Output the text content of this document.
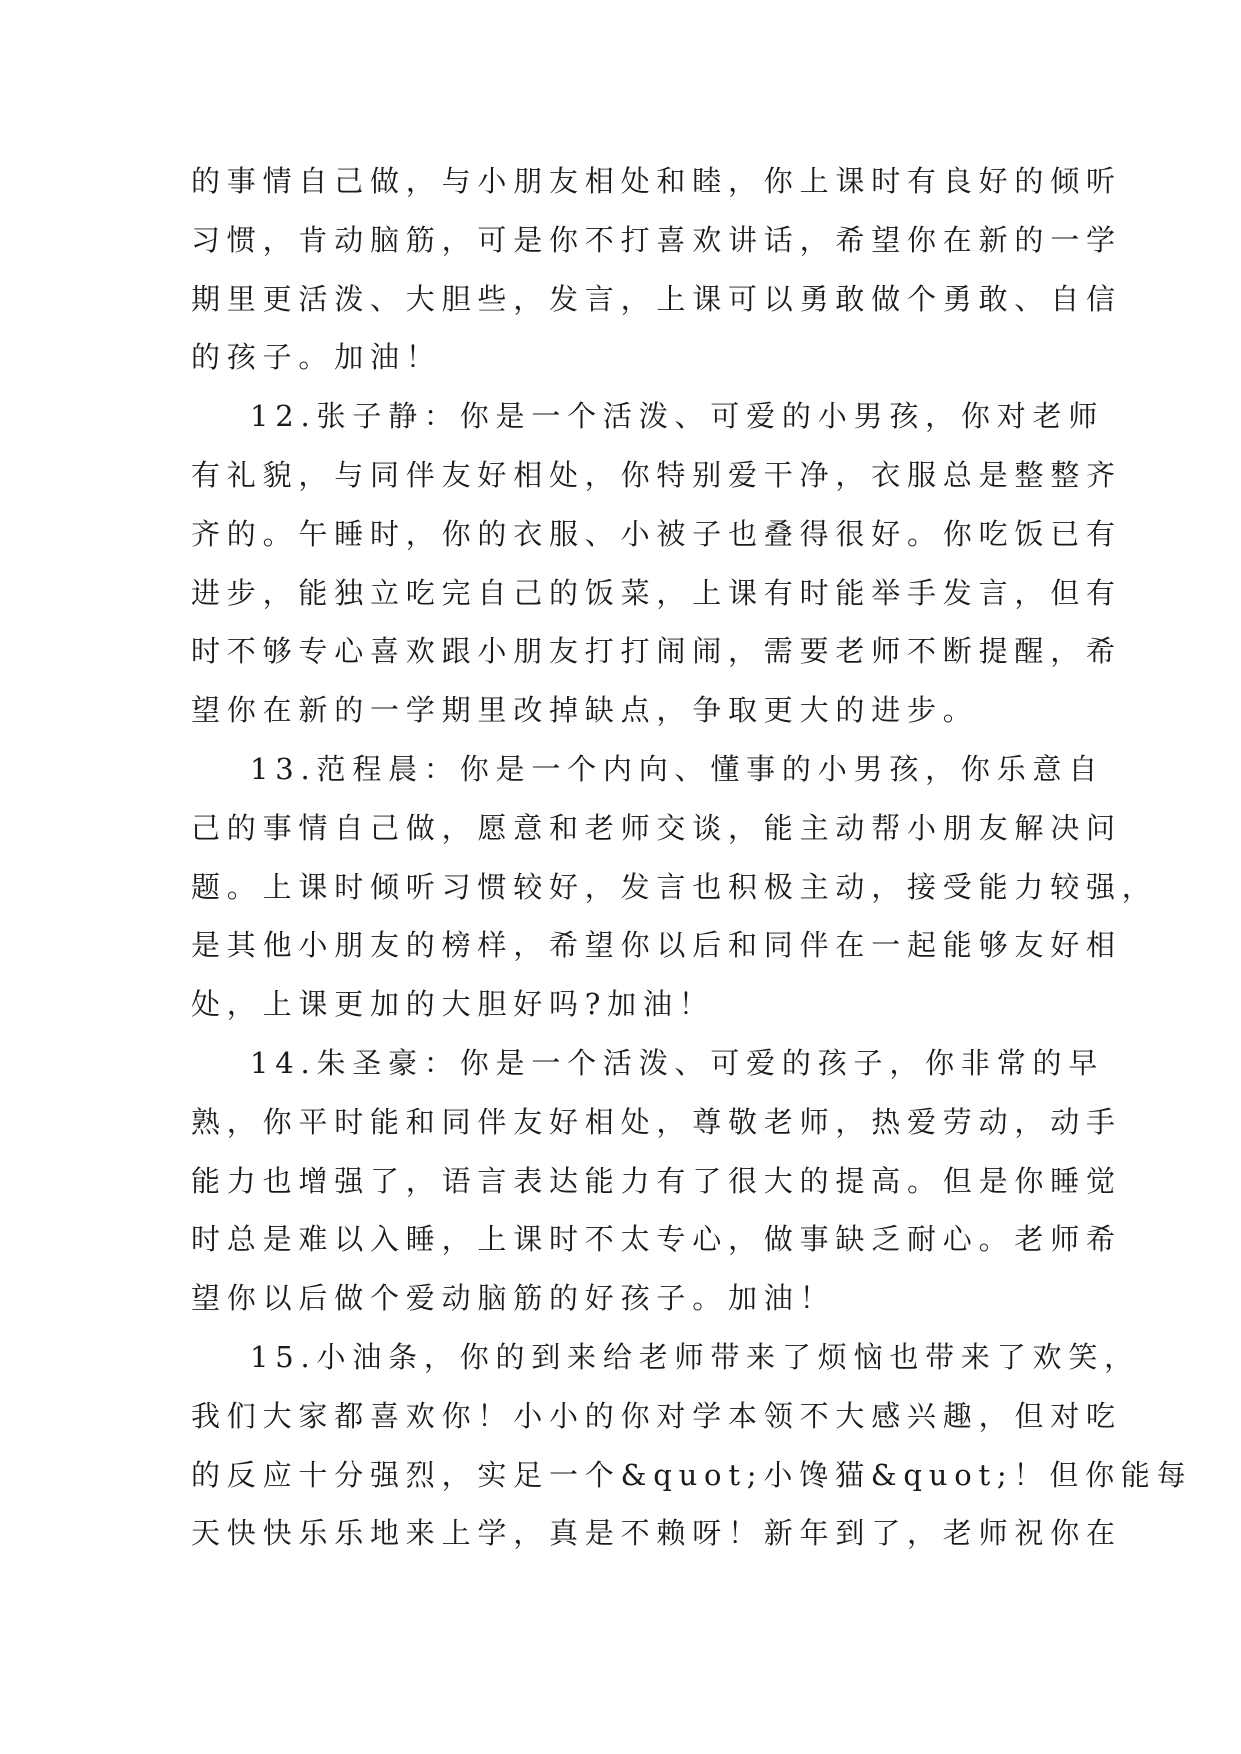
的事情自己做，与小朋友相处和睦，你上课时有良好的倾听
习惯，肯动脑筋，可是你不打喜欢讲话，希望你在新的一学
期里更活泼、大胆些，发言，上课可以勇敢做个勇敢、自信
的孩子。加油！
12.张子静：你是一个活泼、可爱的小男孩，你对老师
有礼貌，与同伴友好相处，你特别爱干净，衣服总是整整齐
齐的。午睡时，你的衣服、小被子也叠得很好。你吃饭已有
进步，能独立吃完自己的饭菜，上课有时能举手发言，但有
时不够专心喜欢跟小朋友打打闹闹，需要老师不断提醒，希
望你在新的一学期里改掉缺点，争取更大的进步。
13.范程晨：你是一个内向、懂事的小男孩，你乐意自
己的事情自己做，愿意和老师交谈，能主动帮小朋友解决问
题。上课时倾听习惯较好，发言也积极主动，接受能力较强，
是其他小朋友的榜样，希望你以后和同伴在一起能够友好相
处，上课更加的大胆好吗?加油！
14.朱圣豪：你是一个活泼、可爱的孩子，你非常的早
熟，你平时能和同伴友好相处，尊敬老师，热爱劳动，动手
能力也增强了，语言表达能力有了很大的提高。但是你睡觉
时总是难以入睡，上课时不太专心，做事缺乏耐心。老师希
望你以后做个爱动脑筋的好孩子。加油！
15.小油条，你的到来给老师带来了烦恼也带来了欢笑，
我们大家都喜欢你！小小的你对学本领不大感兴趣，但对吃
的反应十分强烈，实足一个&quot;小馋猫&quot;！但你能每
天快快乐乐地来上学，真是不赖呀！新年到了，老师祝你在
